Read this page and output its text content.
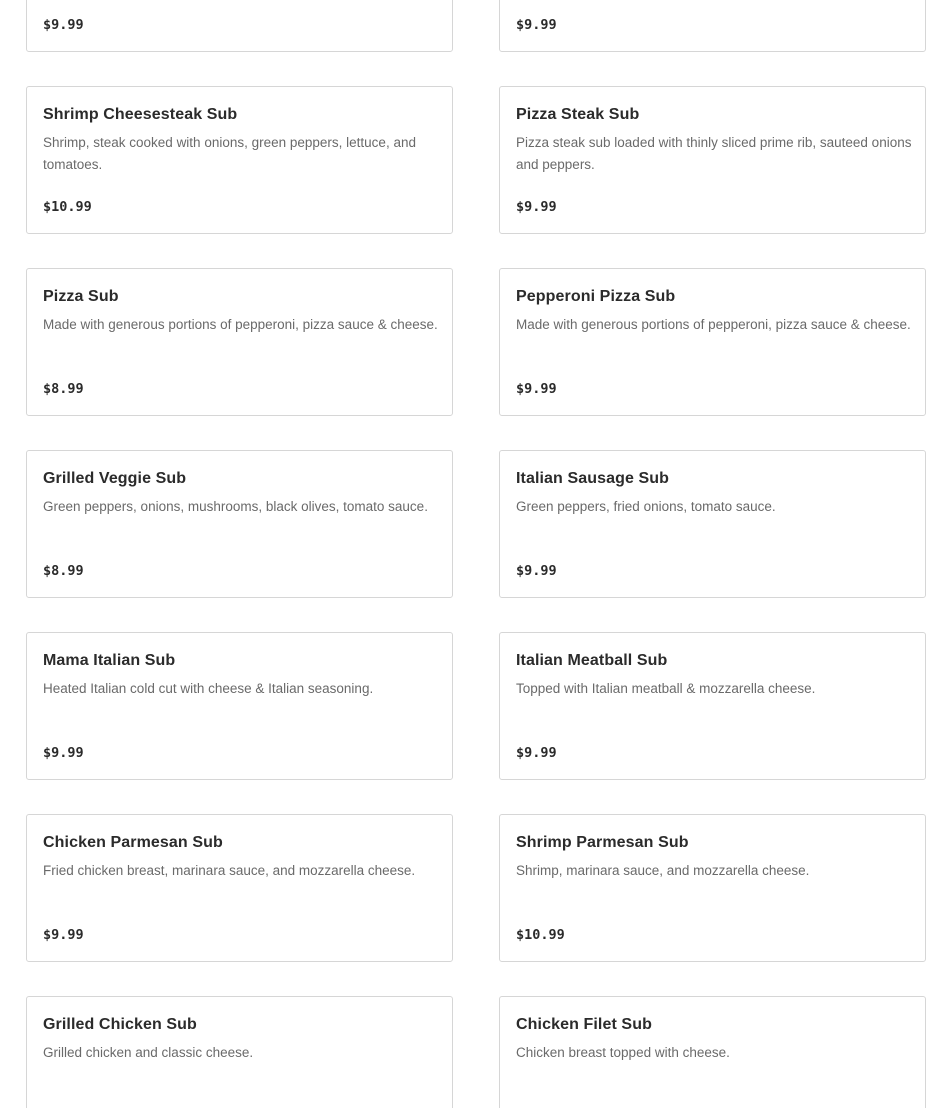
$9.99	$9.99
Shrimp Cheesesteak Sub
Shrimp, steak cooked with onions, green peppers, lettuce, and tomatoes.
$10.99
Pizza Steak Sub
Pizza steak sub loaded with thinly sliced prime rib, sauteed onions and peppers.
$9.99
Pizza Sub
Made with generous portions of pepperoni, pizza sauce & cheese.
$8.99
Pepperoni Pizza Sub
Made with generous portions of pepperoni, pizza sauce & cheese.
$9.99
Grilled Veggie Sub
Green peppers, onions, mushrooms, black olives, tomato sauce.
$8.99
Italian Sausage Sub
Green peppers, fried onions, tomato sauce.
$9.99
Mama Italian Sub
Heated Italian cold cut with cheese & Italian seasoning.
$9.99
Italian Meatball Sub
Topped with Italian meatball & mozzarella cheese.
$9.99
Chicken Parmesan Sub
Fried chicken breast, marinara sauce, and mozzarella cheese.
$9.99
Shrimp Parmesan Sub
Shrimp, marinara sauce, and mozzarella cheese.
$10.99
Grilled Chicken Sub
Grilled chicken and classic cheese.
Chicken Filet Sub
Chicken breast topped with cheese.
